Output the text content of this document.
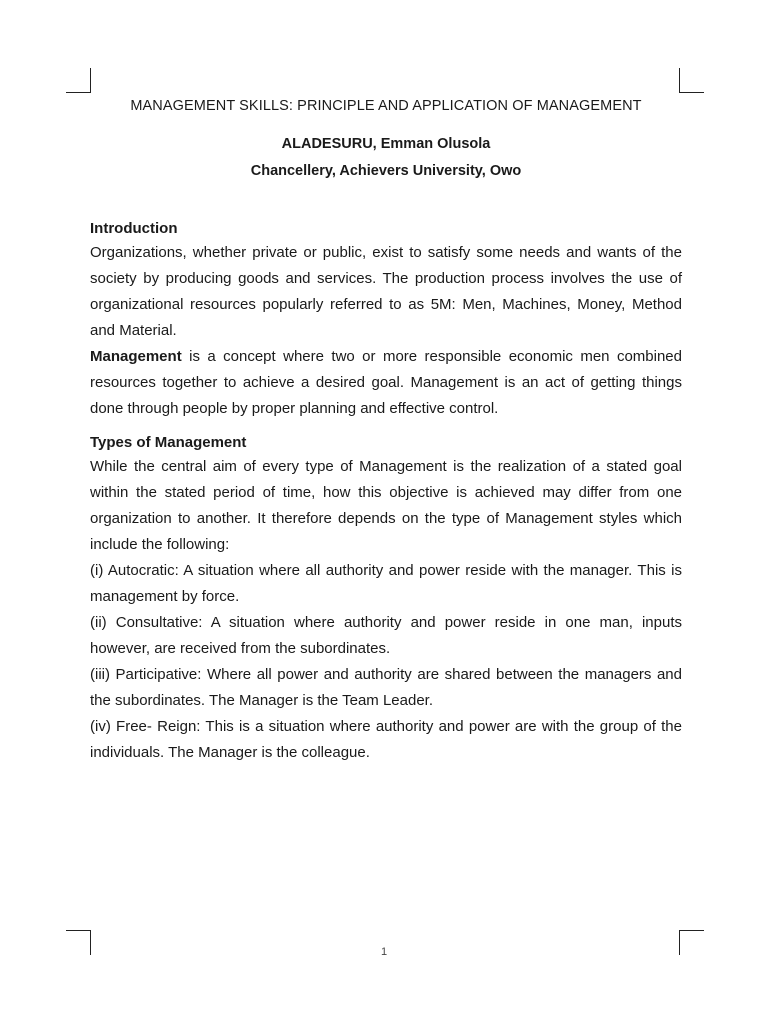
MANAGEMENT SKILLS: PRINCIPLE AND APPLICATION OF MANAGEMENT
ALADESURU, Emman Olusola
Chancellery, Achievers University, Owo
Introduction

Organizations, whether private or public, exist to satisfy some needs and wants of the society by producing goods and services. The production process involves the use of organizational resources popularly referred to as 5M: Men, Machines, Money, Method and Material.

Management is a concept where two or more responsible economic men combined resources together to achieve a desired goal. Management is an act of getting things done through people by proper planning and effective control.

Types of Management

While the central aim of every type of Management is the realization of a stated goal within the stated period of time, how this objective is achieved may differ from one organization to another. It therefore depends on the type of Management styles which include the following:

(i) Autocratic: A situation where all authority and power reside with the manager. This is management by force.

(ii) Consultative: A situation where authority and power reside in one man, inputs however, are received from the subordinates.

(iii) Participative: Where all power and authority are shared between the managers and the subordinates. The Manager is the Team Leader.

(iv) Free- Reign: This is a situation where authority and power are with the group of the individuals. The Manager is the colleague.

1
